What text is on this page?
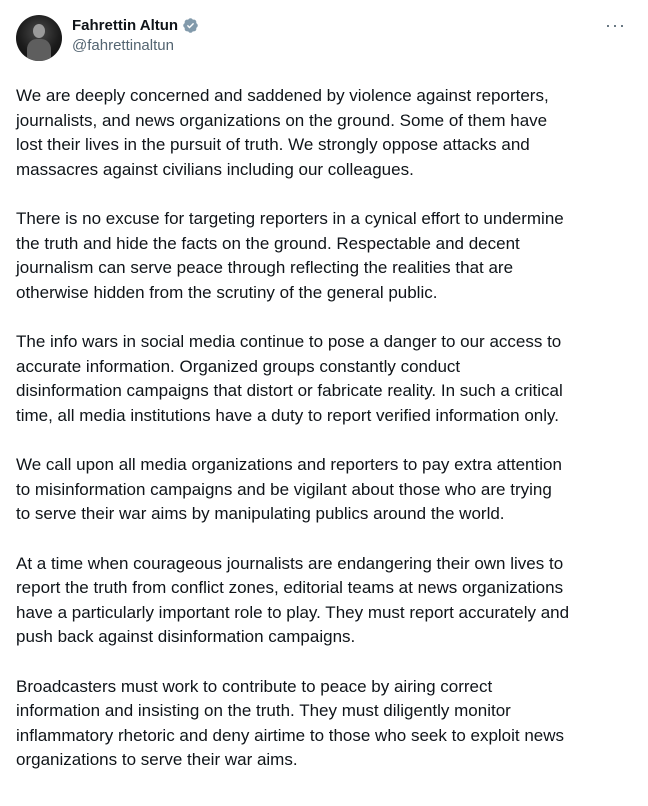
Fahrettin Altun
@fahrettinaltun
···

We are deeply concerned and saddened by violence against reporters,
journalists, and news organizations on the ground. Some of them have
lost their lives in the pursuit of truth. We strongly oppose attacks and
massacres against civilians including our colleagues.

There is no excuse for targeting reporters in a cynical effort to undermine
the truth and hide the facts on the ground. Respectable and decent
journalism can serve peace through reflecting the realities that are
otherwise hidden from the scrutiny of the general public.

The info wars in social media continue to pose a danger to our access to
accurate information. Organized groups constantly conduct
disinformation campaigns that distort or fabricate reality. In such a critical
time, all media institutions have a duty to report verified information only.

We call upon all media organizations and reporters to pay extra attention
to misinformation campaigns and be vigilant about those who are trying
to serve their war aims by manipulating publics around the world.

At a time when courageous journalists are endangering their own lives to
report the truth from conflict zones, editorial teams at news organizations
have a particularly important role to play. They must report accurately and
push back against disinformation campaigns.

Broadcasters must work to contribute to peace by airing correct
information and insisting on the truth. They must diligently monitor
inflammatory rhetoric and deny airtime to those who seek to exploit news
organizations to serve their war aims.
